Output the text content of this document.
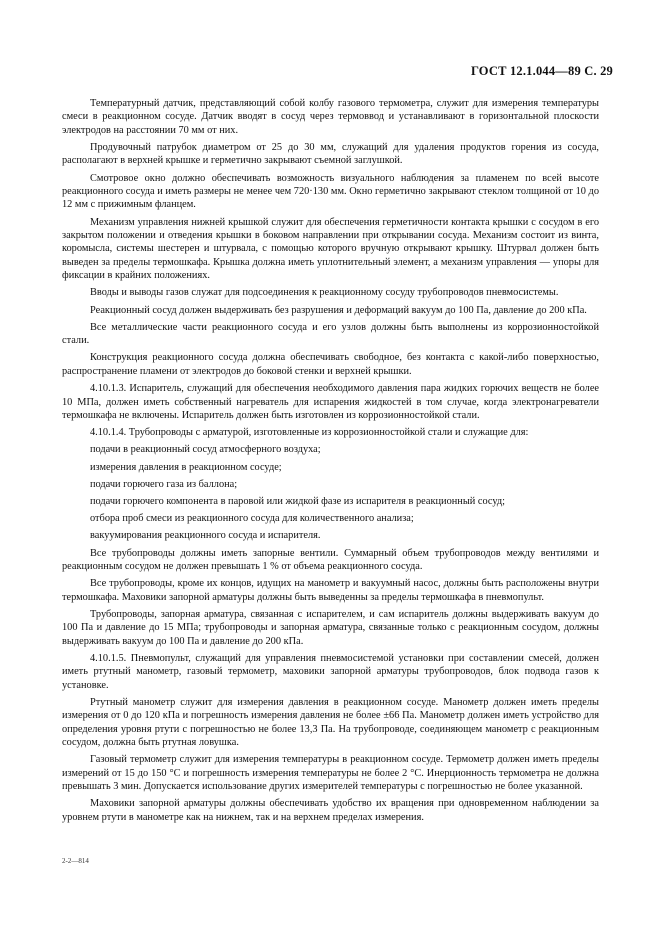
ГОСТ 12.1.044—89 С. 29

Температурный датчик, представляющий собой колбу газового термометра, служит для измерения температуры смеси в реакционном сосуде. Датчик вводят в сосуд через термоввод и устанавливают в горизонтальной плоскости электродов на расстоянии 70 мм от них.

Продувочный патрубок диаметром от 25 до 30 мм, служащий для удаления продуктов горения из сосуда, располагают в верхней крышке и герметично закрывают съемной заглушкой.

Смотровое окно должно обеспечивать возможность визуального наблюдения за пламенем по всей высоте реакционного сосуда и иметь размеры не менее чем 720·130 мм. Окно герметично закрывают стеклом толщиной от 10 до 12 мм с прижимным фланцем.

Механизм управления нижней крышкой служит для обеспечения герметичности контакта крышки с сосудом в его закрытом положении и отведения крышки в боковом направлении при открывании сосуда. Механизм состоит из винта, коромысла, системы шестерен и штурвала, с помощью которого вручную открывают крышку. Штурвал должен быть выведен за пределы термошкафа. Крышка должна иметь уплотнительный элемент, а механизм управления — упоры для фиксации в крайних положениях.

Вводы и выводы газов служат для подсоединения к реакционному сосуду трубопроводов пневмосистемы.

Реакционный сосуд должен выдерживать без разрушения и деформаций вакуум до 100 Па, давление до 200 кПа.

Все металлические части реакционного сосуда и его узлов должны быть выполнены из коррозионностойкой стали.

Конструкция реакционного сосуда должна обеспечивать свободное, без контакта с какой-либо поверхностью, распространение пламени от электродов до боковой стенки и верхней крышки.

4.10.1.3. Испаритель, служащий для обеспечения необходимого давления пара жидких горючих веществ не более 10 МПа, должен иметь собственный нагреватель для испарения жидкостей в том случае, когда электронагреватели термошкафа не включены. Испаритель должен быть изготовлен из коррозионностойкой стали.

4.10.1.4. Трубопроводы с арматурой, изготовленные из коррозионностойкой стали и служащие для:

подачи в реакционный сосуд атмосферного воздуха;

измерения давления в реакционном сосуде;

подачи горючего газа из баллона;

подачи горючего компонента в паровой или жидкой фазе из испарителя в реакционный сосуд;

отбора проб смеси из реакционного сосуда для количественного анализа;

вакуумирования реакционного сосуда и испарителя.

Все трубопроводы должны иметь запорные вентили. Суммарный объем трубопроводов между вентилями и реакционным сосудом не должен превышать 1 % от объема реакционного сосуда.

Все трубопроводы, кроме их концов, идущих на манометр и вакуумный насос, должны быть расположены внутри термошкафа. Маховики запорной арматуры должны быть выведенны за пределы термошкафа в пневмопульт.

Трубопроводы, запорная арматура, связанная с испарителем, и сам испаритель должны выдерживать вакуум до 100 Па и давление до 15 МПа; трубопроводы и запорная арматура, связанные только с реакционным сосудом, должны выдерживать вакуум до 100 Па и давление до 200 кПа.

4.10.1.5. Пневмопульт, служащий для управления пневмосистемой установки при составлении смесей, должен иметь ртутный манометр, газовый термометр, маховики запорной арматуры трубопроводов, блок подвода газов к установке.

Ртутный манометр служит для измерения давления в реакционном сосуде. Манометр должен иметь пределы измерения от 0 до 120 кПа и погрешность измерения давления не более ±66 Па. Манометр должен иметь устройство для определения уровня ртути с погрешностью не более 13,3 Па. На трубопроводе, соединяющем манометр с реакционным сосудом, должна быть ртутная ловушка.

Газовый термометр служит для измерения температуры в реакционном сосуде. Термометр должен иметь пределы измерений от 15 до 150 °С и погрешность измерения температуры не более 2 °С. Инерционность термометра не должна превышать 3 мин. Допускается использование других измерителей температуры с погрешностью не более указанной.

Маховики запорной арматуры должны обеспечивать удобство их вращения при одновременном наблюдении за уровнем ртути в манометре как на нижнем, так и на верхнем пределах измерения.

2-2—814
